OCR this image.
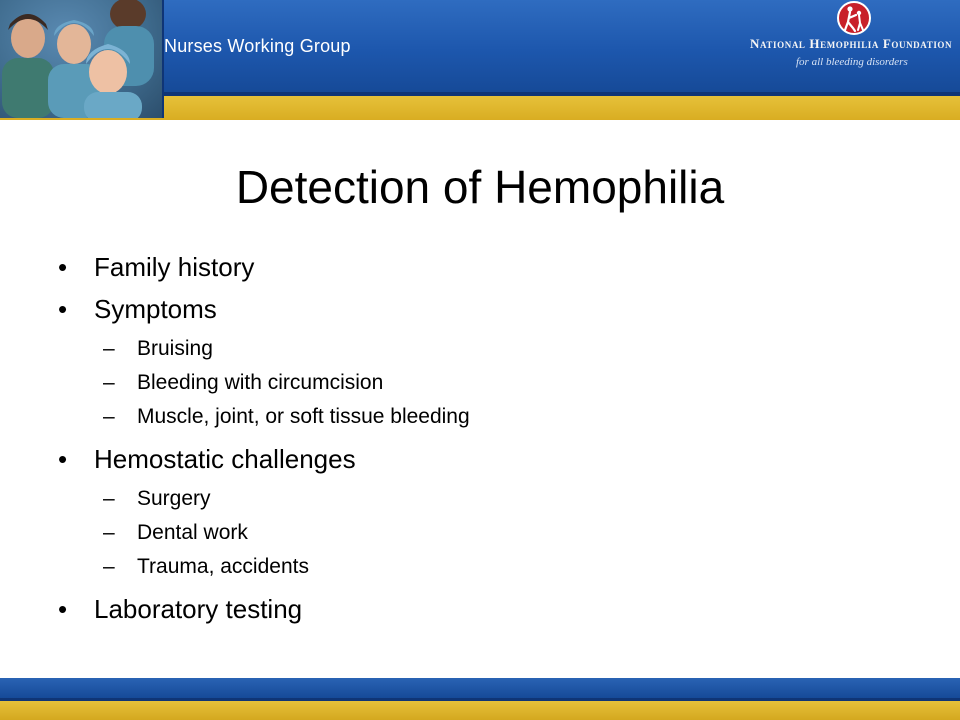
Nurses Working Group	National Hemophilia Foundation
for all bleeding disorders
Detection of Hemophilia
• Family history
• Symptoms
– Bruising
– Bleeding with circumcision
– Muscle, joint, or soft tissue bleeding
• Hemostatic challenges
– Surgery
– Dental work
– Trauma, accidents
• Laboratory testing
